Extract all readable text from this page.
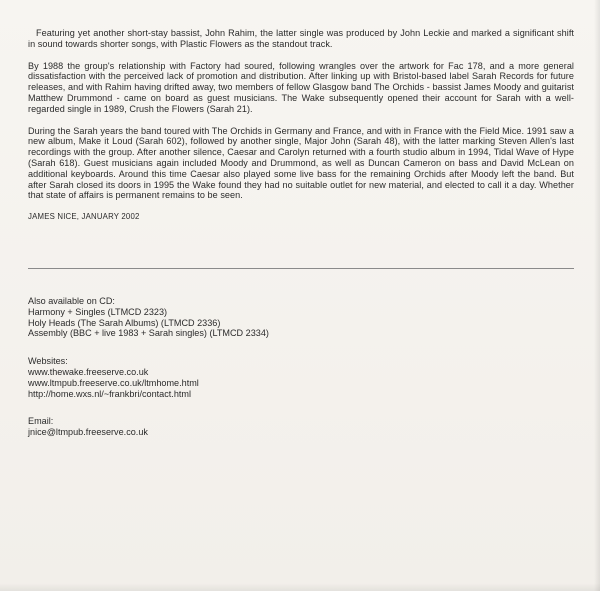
Featuring yet another short-stay bassist, John Rahim, the latter single was produced by John Leckie and marked a significant shift in sound towards shorter songs, with Plastic Flowers as the standout track.

By 1988 the group's relationship with Factory had soured, following wrangles over the artwork for Fac 178, and a more general dissatisfaction with the perceived lack of promotion and distribution. After linking up with Bristol-based label Sarah Records for future releases, and with Rahim having drifted away, two members of fellow Glasgow band The Orchids - bassist James Moody and guitarist Matthew Drummond - came on board as guest musicians. The Wake subsequently opened their account for Sarah with a well-regarded single in 1989, Crush the Flowers (Sarah 21).

During the Sarah years the band toured with The Orchids in Germany and France, and with in France with the Field Mice. 1991 saw a new album, Make it Loud (Sarah 602), followed by another single, Major John (Sarah 48), with the latter marking Steven Allen's last recordings with the group. After another silence, Caesar and Carolyn returned with a fourth studio album in 1994, Tidal Wave of Hype (Sarah 618). Guest musicians again included Moody and Drummond, as well as Duncan Cameron on bass and David McLean on additional keyboards. Around this time Caesar also played some live bass for the remaining Orchids after Moody left the band. But after Sarah closed its doors in 1995 the Wake found they had no suitable outlet for new material, and elected to call it a day. Whether that state of affairs is permanent remains to be seen.

JAMES NICE, JANUARY 2002

Also available on CD:
Harmony + Singles (LTMCD 2323)
Holy Heads (The Sarah Albums) (LTMCD 2336)
Assembly (BBC + live 1983 + Sarah singles) (LTMCD 2334)
Websites:
www.thewake.freeserve.co.uk
www.ltmpub.freeserve.co.uk/ltmhome.html
http://home.wxs.nl/~frankbri/contact.html
Email:
jnice@ltmpub.freeserve.co.uk
